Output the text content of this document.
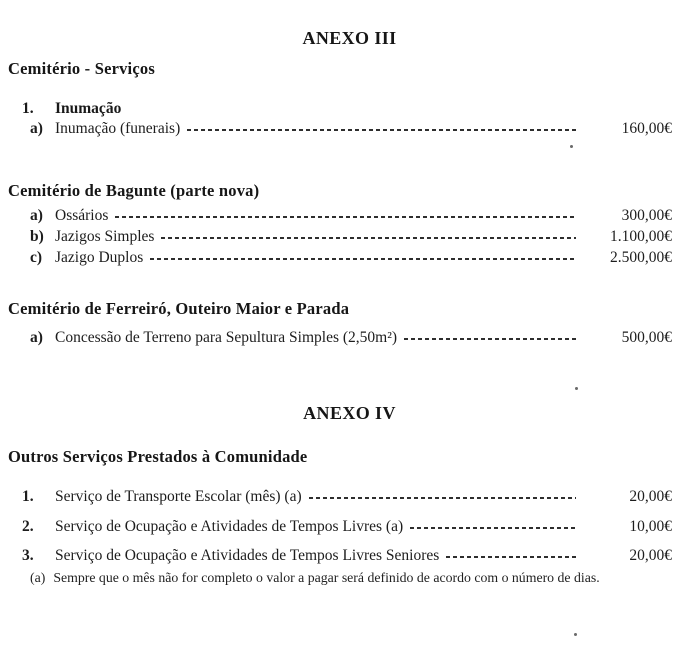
ANEXO III
Cemitério - Serviços
1. Inumação
a) Inumação (funerais)	160,00€
Cemitério de Bagunte (parte nova)
a) Ossários	300,00€
b) Jazigos Simples	1.100,00€
c) Jazigo Duplos	2.500,00€
Cemitério de Ferreiró, Outeiro Maior e Parada
a) Concessão de Terreno para Sepultura Simples (2,50m²)	500,00€
ANEXO IV
Outros Serviços Prestados à Comunidade
1.	Serviço de Transporte Escolar (mês) (a)	20,00€
2.	Serviço de Ocupação e Atividades de Tempos Livres (a)	10,00€
3.	Serviço de Ocupação e Atividades de Tempos Livres Seniores	20,00€
(a) Sempre que o mês não for completo o valor a pagar será definido de acordo com o número de dias.
